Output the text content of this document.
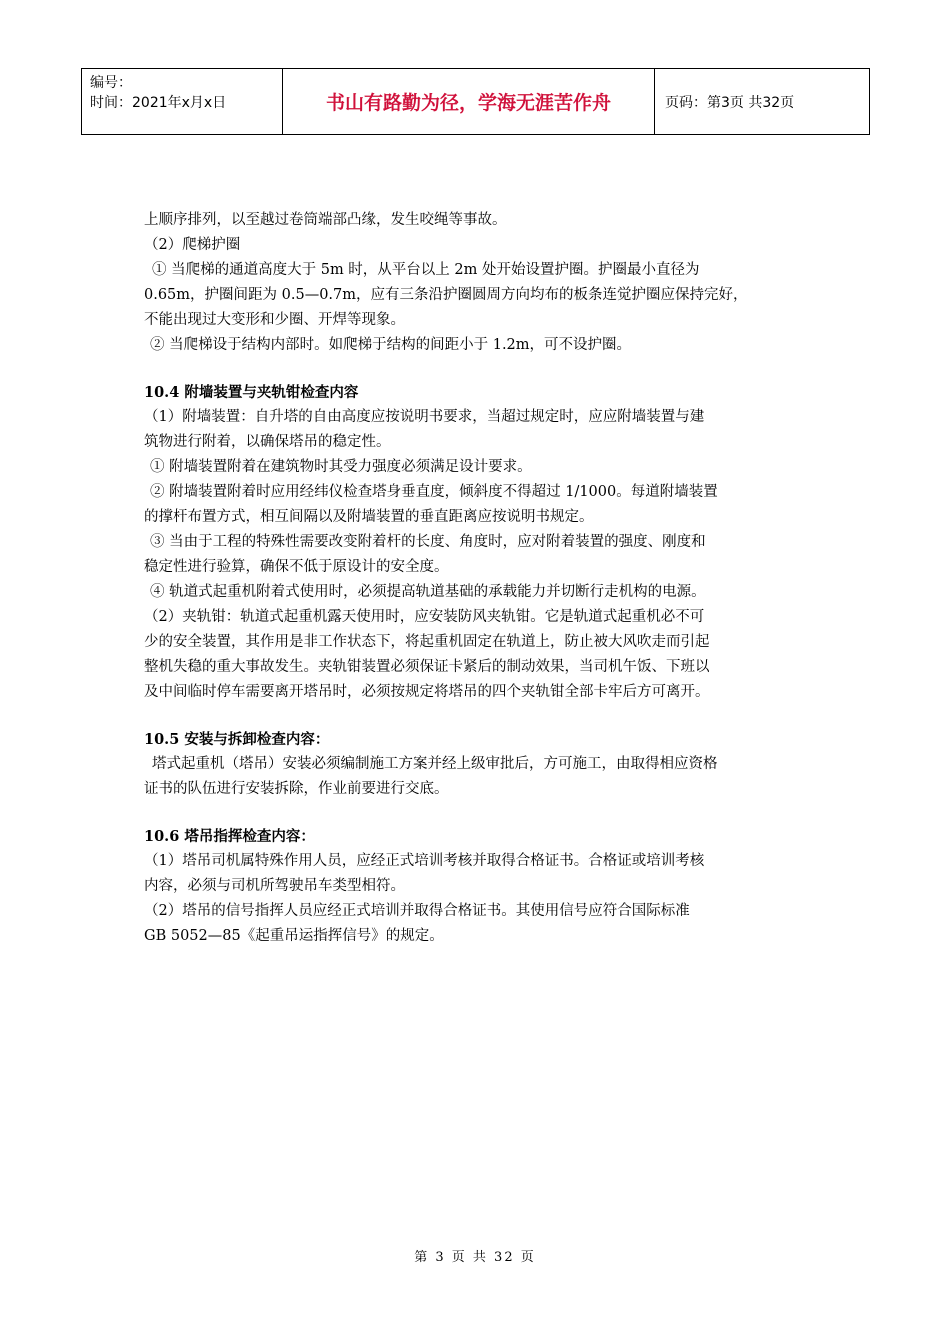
编号：
时间：2021年x月x日	书山有路勤为径，学海无涯苦作舟	页码：第3页 共32页
上顺序排列，以至越过卷筒端部凸缘，发生咬绳等事故。
（2）爬梯护圈
① 当爬梯的通道高度大于 5m 时，从平台以上 2m 处开始设置护圈。护圈最小直径为
0.65m，护圈间距为 0.5—0.7m，应有三条沿护圈圆周方向均布的板条连觉护圈应保持完好，
不能出现过大变形和少圈、开焊等现象。
② 当爬梯设于结构内部时。如爬梯于结构的间距小于 1.2m，可不设护圈。
10.4 附墙装置与夹轨钳检查内容
（1）附墙装置：自升塔的自由高度应按说明书要求，当超过规定时，应应附墙装置与建
筑物进行附着，以确保塔吊的稳定性。
① 附墙装置附着在建筑物时其受力强度必须满足设计要求。
② 附墙装置附着时应用经纬仪检查塔身垂直度，倾斜度不得超过 1/1000。每道附墙装置
的撑杆布置方式，相互间隔以及附墙装置的垂直距离应按说明书规定。
③ 当由于工程的特殊性需要改变附着杆的长度、角度时，应对附着装置的强度、刚度和
稳定性进行验算，确保不低于原设计的安全度。
④ 轨道式起重机附着式使用时，必须提高轨道基础的承载能力并切断行走机构的电源。
（2）夹轨钳：轨道式起重机露天使用时，应安装防风夹轨钳。它是轨道式起重机必不可
少的安全装置，其作用是非工作状态下，将起重机固定在轨道上，防止被大风吹走而引起
整机失稳的重大事故发生。夹轨钳装置必须保证卡紧后的制动效果，当司机午饭、下班以
及中间临时停车需要离开塔吊时，必须按规定将塔吊的四个夹轨钳全部卡牢后方可离开。
10.5 安装与拆卸检查内容：
塔式起重机（塔吊）安装必须编制施工方案并经上级审批后，方可施工，由取得相应资格
证书的队伍进行安装拆除，作业前要进行交底。
10.6 塔吊指挥检查内容：
（1）塔吊司机属特殊作用人员，应经正式培训考核并取得合格证书。合格证或培训考核
内容，必须与司机所驾驶吊车类型相符。
（2）塔吊的信号指挥人员应经正式培训并取得合格证书。其使用信号应符合国际标准
GB 5052—85《起重吊运指挥信号》的规定。
第 3 页 共 32 页
